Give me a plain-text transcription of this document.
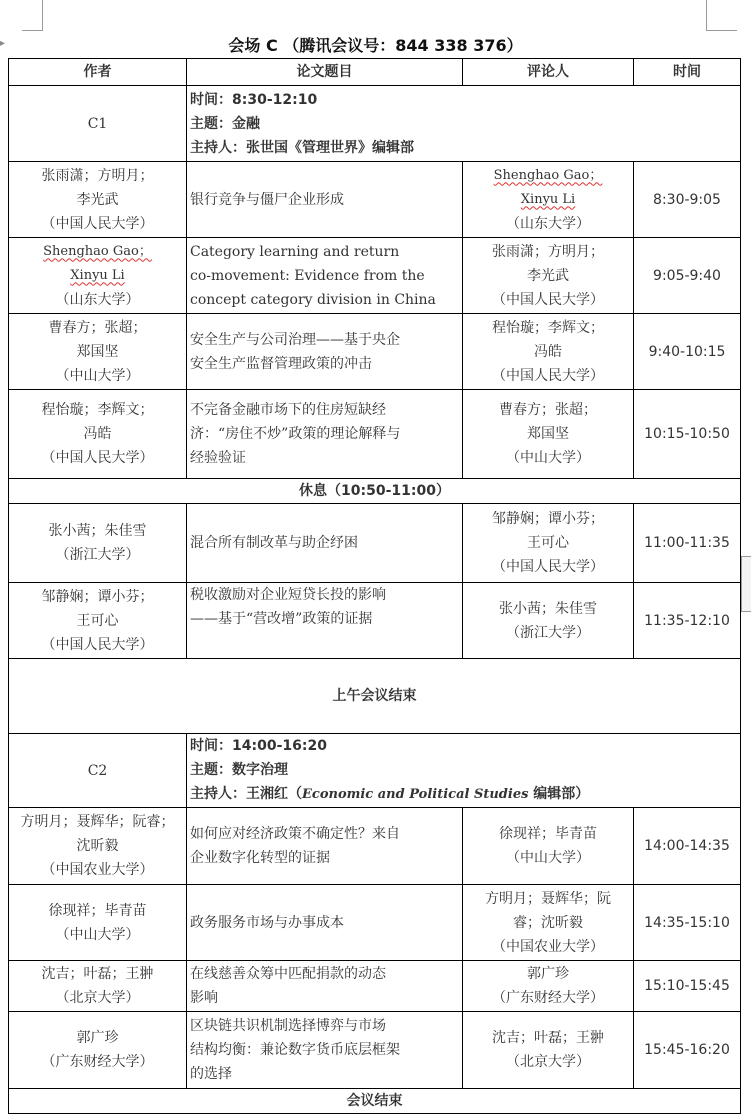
▸	会场 C （腾讯会议号：844 338 376）
作者	论文题目	评论人	时间
C1	时间：8:30-12:10
主题：金融
主持人：张世国《管理世界》编辑部		

张雨潇；方明月；
李光武
（中国人民大学）	银行竞争与僵尸企业形成	Shenghao Gao；
Xinyu Li
（山东大学）	8:30-9:05

Shenghao Gao；
Xinyu Li
（山东大学）	Category learning and return
co-movement: Evidence from the
concept category division in China	张雨潇；方明月；
李光武
（中国人民大学）	9:05-9:40

曹春方；张超；
郑国坚
（中山大学）	安全生产与公司治理——基于央企
安全生产监督管理政策的冲击	程怡璇；李辉文；
冯皓
（中国人民大学）	9:40-10:15

程怡璇；李辉文；
冯皓
（中国人民大学）	不完备金融市场下的住房短缺经
济：“房住不炒”政策的理论解释与
经验验证	曹春方；张超；
郑国坚
（中山大学）	10:15-10:50
休息（10:50-11:00）			

张小茜；朱佳雪
（浙江大学）	混合所有制改革与助企纾困	邹静娴；谭小芬；
王可心
（中国人民大学）	11:00-11:35

邹静娴；谭小芬；
王可心
（中国人民大学）	税收激励对企业短贷长投的影响
——基于“营改增”政策的证据	张小茜；朱佳雪
（浙江大学）	11:35-12:10
上午会议结束			
C2	时间：14:00-16:20
主题：数字治理
主持人：王湘红（Economic and Political Studies 编辑部）		

方明月；聂辉华；阮睿；
沈昕毅
（中国农业大学）	如何应对经济政策不确定性？来自
企业数字化转型的证据	徐现祥；毕青苗
（中山大学）	14:00-14:35

徐现祥；毕青苗
（中山大学）	政务服务市场与办事成本	方明月；聂辉华；阮
睿；沈昕毅
（中国农业大学）	14:35-15:10

沈吉；叶磊；王翀
（北京大学）	在线慈善众筹中匹配捐款的动态
影响	郭广珍
（广东财经大学）	15:10-15:45

郭广珍
（广东财经大学）	区块链共识机制选择博弈与市场
结构均衡：兼论数字货币底层框架
的选择	沈吉；叶磊；王翀
（北京大学）	15:45-16:20
会议结束			
